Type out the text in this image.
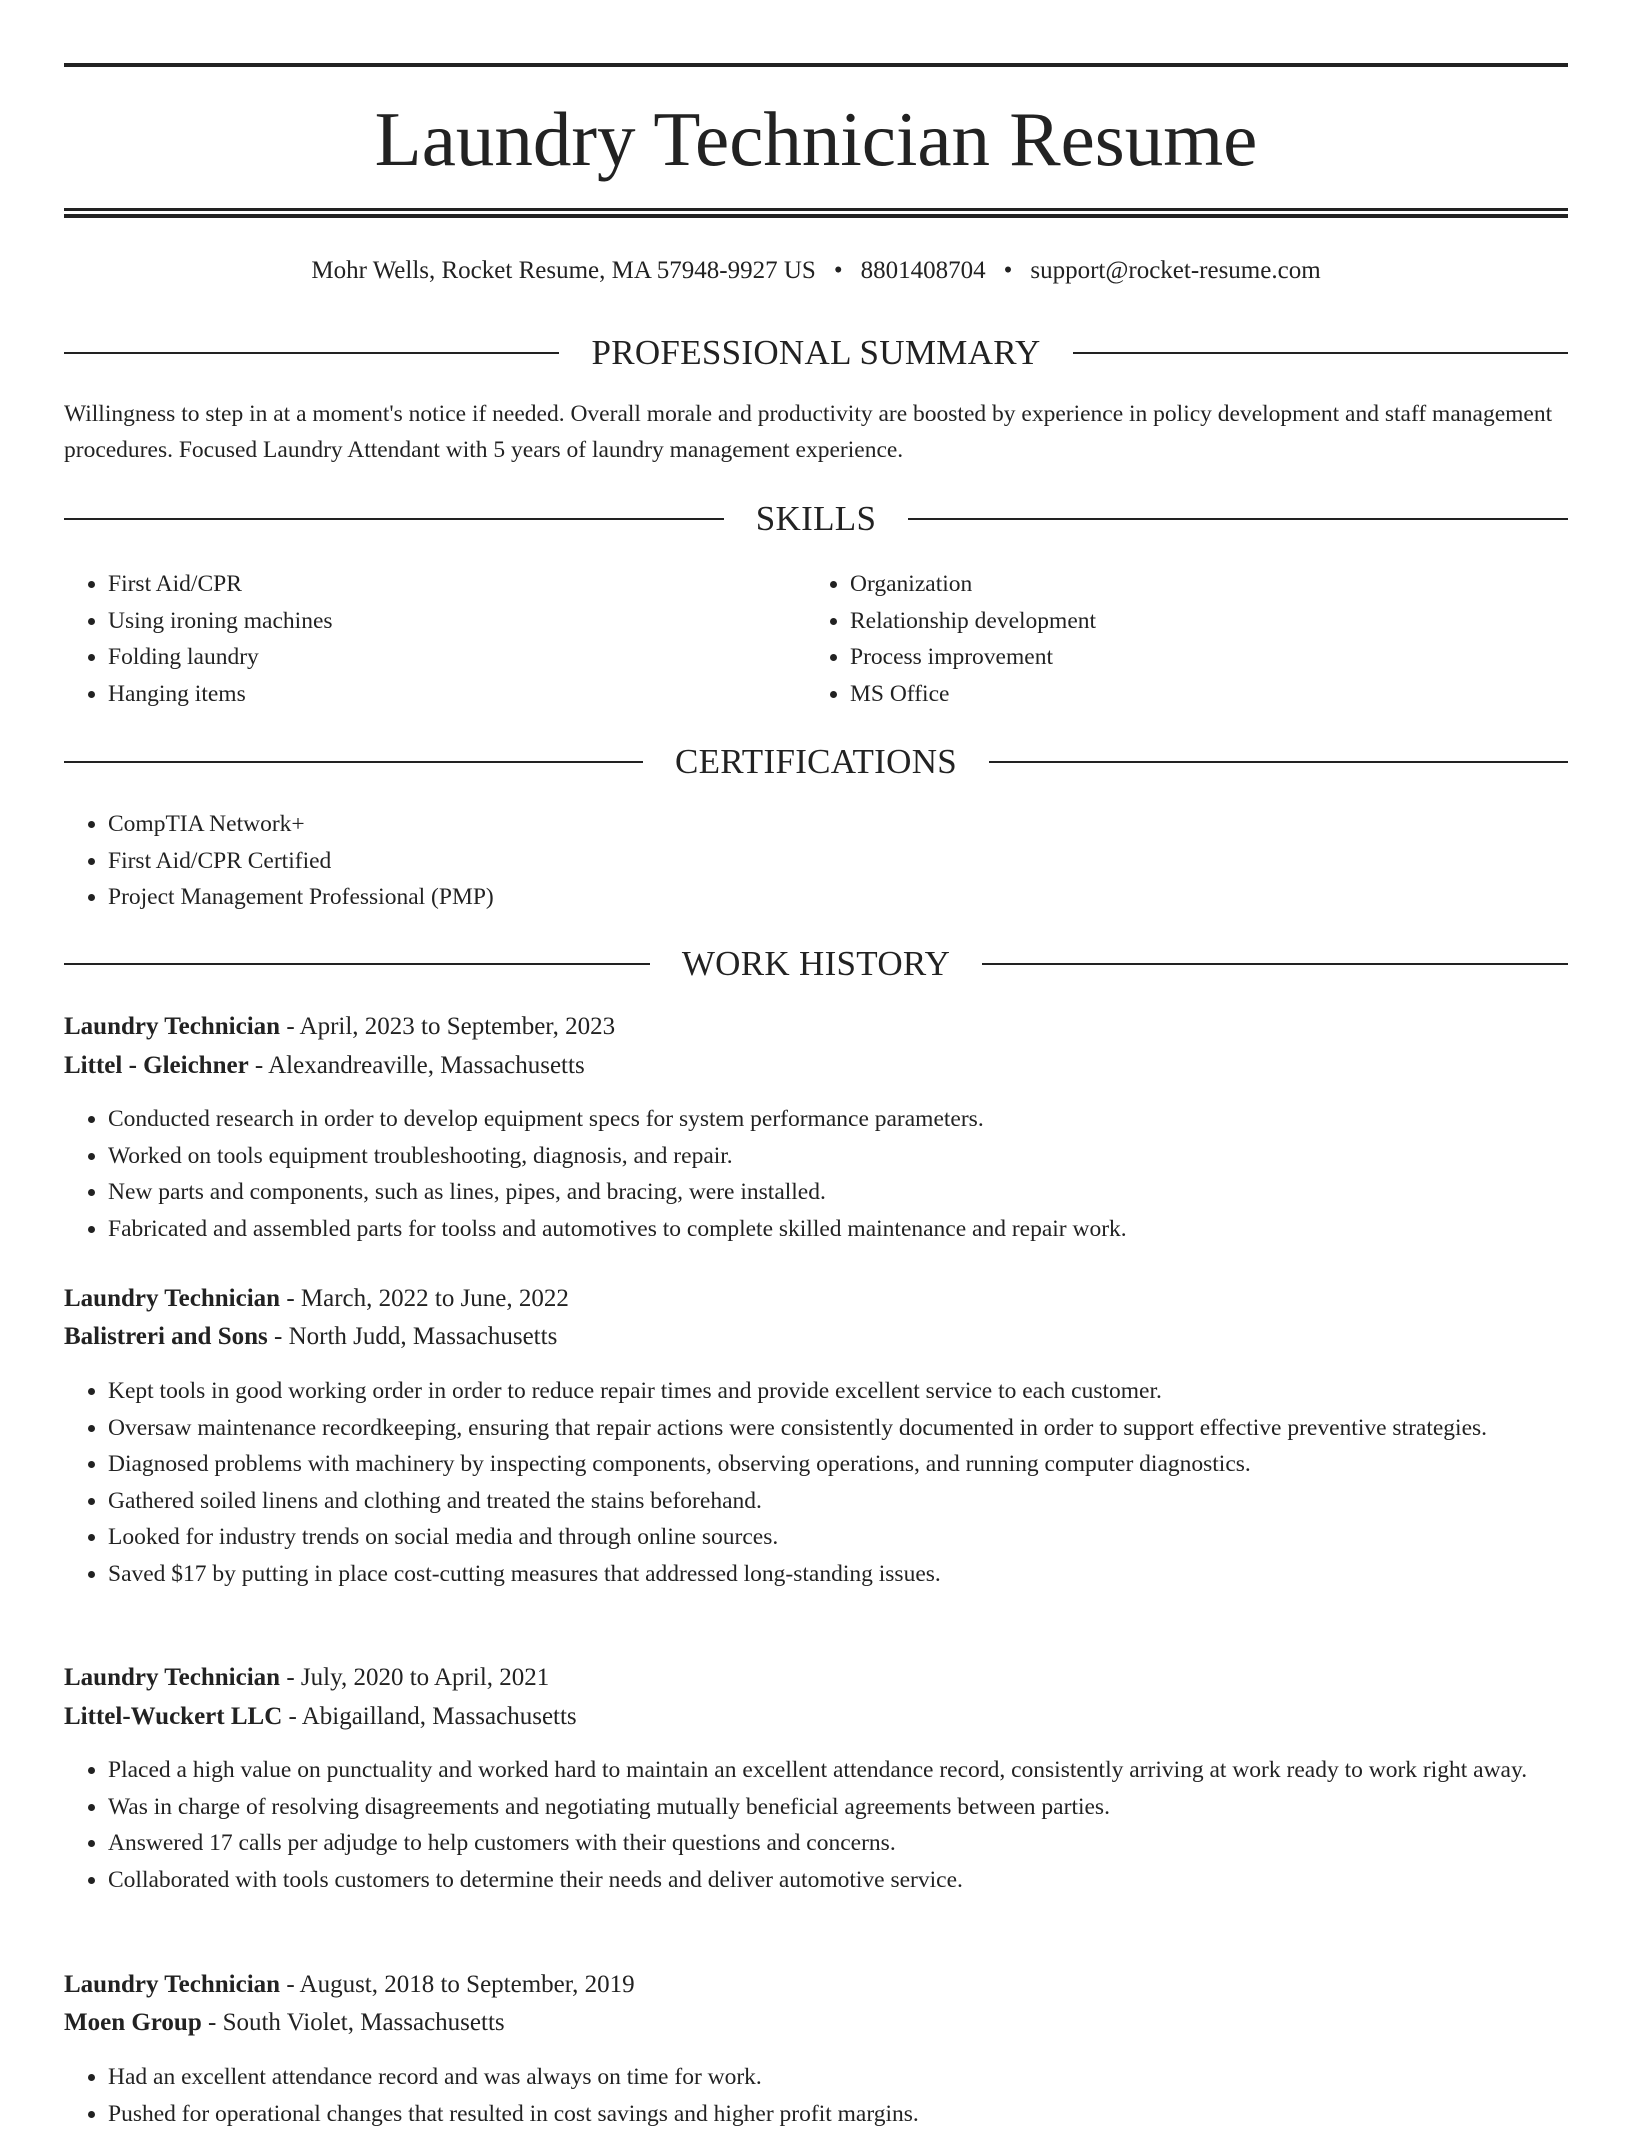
Laundry Technician Resume
Mohr Wells, Rocket Resume, MA 57948-9927 US • 8801408704 • support@rocket-resume.com
PROFESSIONAL SUMMARY

Willingness to step in at a moment's notice if needed. Overall morale and productivity are boosted by experience in policy development and staff management procedures. Focused Laundry Attendant with 5 years of laundry management experience.

SKILLS
• First Aid/CPR
• Using ironing machines
• Folding laundry
• Hanging items
• Organization
• Relationship development
• Process improvement
• MS Office
CERTIFICATIONS
• CompTIA Network+
• First Aid/CPR Certified
• Project Management Professional (PMP)
WORK HISTORY
Laundry Technician - April, 2023 to September, 2023
Littel - Gleichner - Alexandreaville, Massachusetts
• Conducted research in order to develop equipment specs for system performance parameters.
• Worked on tools equipment troubleshooting, diagnosis, and repair.
• New parts and components, such as lines, pipes, and bracing, were installed.
• Fabricated and assembled parts for toolss and automotives to complete skilled maintenance and repair work.
Laundry Technician - March, 2022 to June, 2022
Balistreri and Sons - North Judd, Massachusetts
• Kept tools in good working order in order to reduce repair times and provide excellent service to each customer.
• Oversaw maintenance recordkeeping, ensuring that repair actions were consistently documented in order to support effective preventive strategies.
• Diagnosed problems with machinery by inspecting components, observing operations, and running computer diagnostics.
• Gathered soiled linens and clothing and treated the stains beforehand.
• Looked for industry trends on social media and through online sources.
• Saved $17 by putting in place cost-cutting measures that addressed long-standing issues.
Laundry Technician - July, 2020 to April, 2021
Littel-Wuckert LLC - Abigailland, Massachusetts
• Placed a high value on punctuality and worked hard to maintain an excellent attendance record, consistently arriving at work ready to work right away.
• Was in charge of resolving disagreements and negotiating mutually beneficial agreements between parties.
• Answered 17 calls per adjudge to help customers with their questions and concerns.
• Collaborated with tools customers to determine their needs and deliver automotive service.
Laundry Technician - August, 2018 to September, 2019
Moen Group - South Violet, Massachusetts
• Had an excellent attendance record and was always on time for work.
• Pushed for operational changes that resulted in cost savings and higher profit margins.
